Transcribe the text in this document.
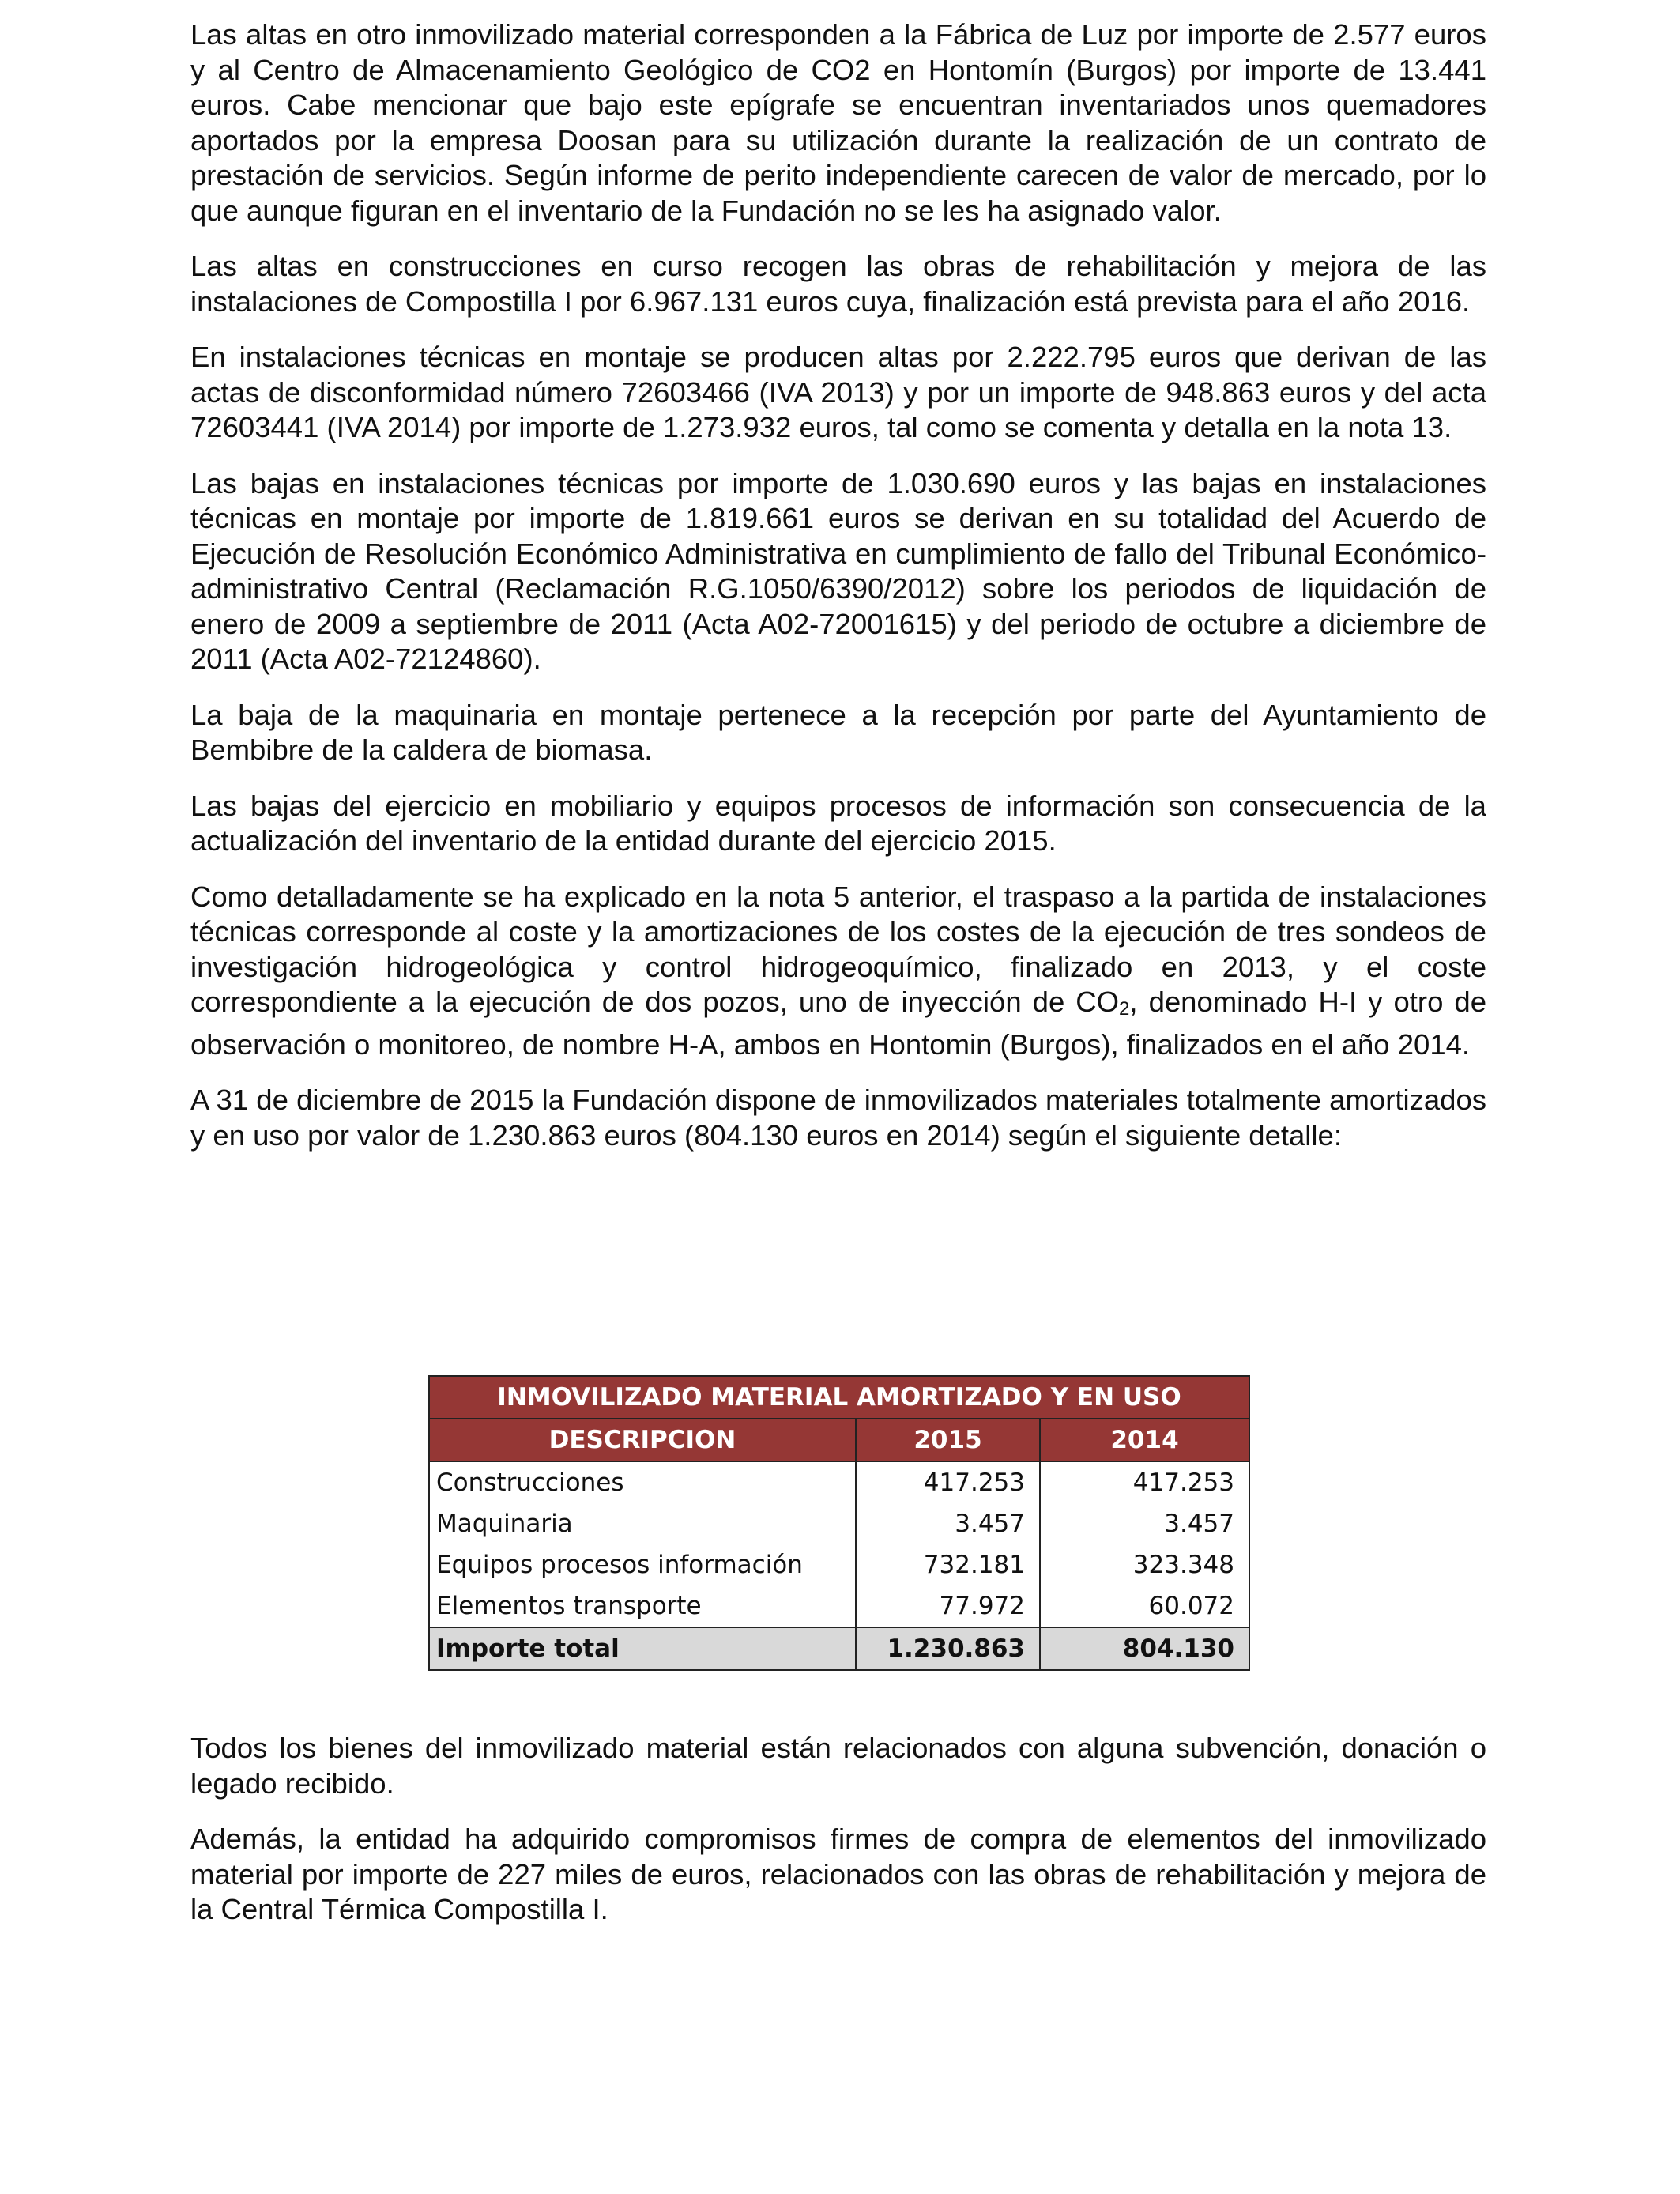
Las altas en otro inmovilizado material corresponden a la Fábrica de Luz por importe de 2.577 euros y al Centro de Almacenamiento Geológico de CO2 en Hontomín (Burgos) por importe de 13.441 euros. Cabe mencionar que bajo este epígrafe se encuentran inventariados unos quemadores aportados por la empresa Doosan para su utilización durante la realización de un contrato de prestación de servicios. Según informe de perito independiente carecen de valor de mercado, por lo que aunque figuran en el inventario de la Fundación no se les ha asignado valor.

Las altas en construcciones en curso recogen las obras de rehabilitación y mejora de las instalaciones de Compostilla I por 6.967.131 euros cuya, finalización está prevista para el año 2016.

En instalaciones técnicas en montaje se producen altas por 2.222.795 euros que derivan de las actas de disconformidad número 72603466 (IVA 2013) y por un importe de 948.863 euros y del acta 72603441 (IVA 2014) por importe de 1.273.932 euros, tal como se comenta y detalla en la nota 13.

Las bajas en instalaciones técnicas por importe de 1.030.690 euros y las bajas en instalaciones técnicas en montaje por importe de 1.819.661 euros se derivan en su totalidad del Acuerdo de Ejecución de Resolución Económico Administrativa en cumplimiento de fallo del Tribunal Económico-administrativo Central (Reclamación R.G.1050/6390/2012) sobre los periodos de liquidación de enero de 2009 a septiembre de 2011 (Acta A02-72001615) y del periodo de octubre a diciembre de 2011 (Acta A02-72124860).

La baja de la maquinaria en montaje pertenece a la recepción por parte del Ayuntamiento de Bembibre de la caldera de biomasa.

Las bajas del ejercicio en mobiliario y equipos procesos de información son consecuencia de la actualización del inventario de la entidad durante del ejercicio 2015.

Como detalladamente se ha explicado en la nota 5 anterior, el traspaso a la partida de instalaciones técnicas corresponde al coste y la amortizaciones de los costes de la ejecución de tres sondeos de investigación hidrogeológica y control hidrogeoquímico, finalizado en 2013, y el coste correspondiente a la ejecución de dos pozos, uno de inyección de CO2, denominado H-I y otro de observación o monitoreo, de nombre H-A, ambos en Hontomin (Burgos), finalizados en el año 2014.

A 31 de diciembre de 2015 la Fundación dispone de inmovilizados materiales totalmente amortizados y en uso por valor de 1.230.863 euros (804.130 euros en 2014) según el siguiente detalle:

INMOVILIZADO MATERIAL AMORTIZADO Y EN USO		
DESCRIPCION	2015	2014
Construcciones	417.253	417.253
Maquinaria	3.457	3.457
Equipos procesos información	732.181	323.348
Elementos transporte	77.972	60.072
Importe total	1.230.863	804.130

Todos los bienes del inmovilizado material están relacionados con alguna subvención, donación o legado recibido.

Además, la entidad ha adquirido compromisos firmes de compra de elementos del inmovilizado material por importe de 227 miles de euros, relacionados con las obras de rehabilitación y mejora de la Central Térmica Compostilla I.
